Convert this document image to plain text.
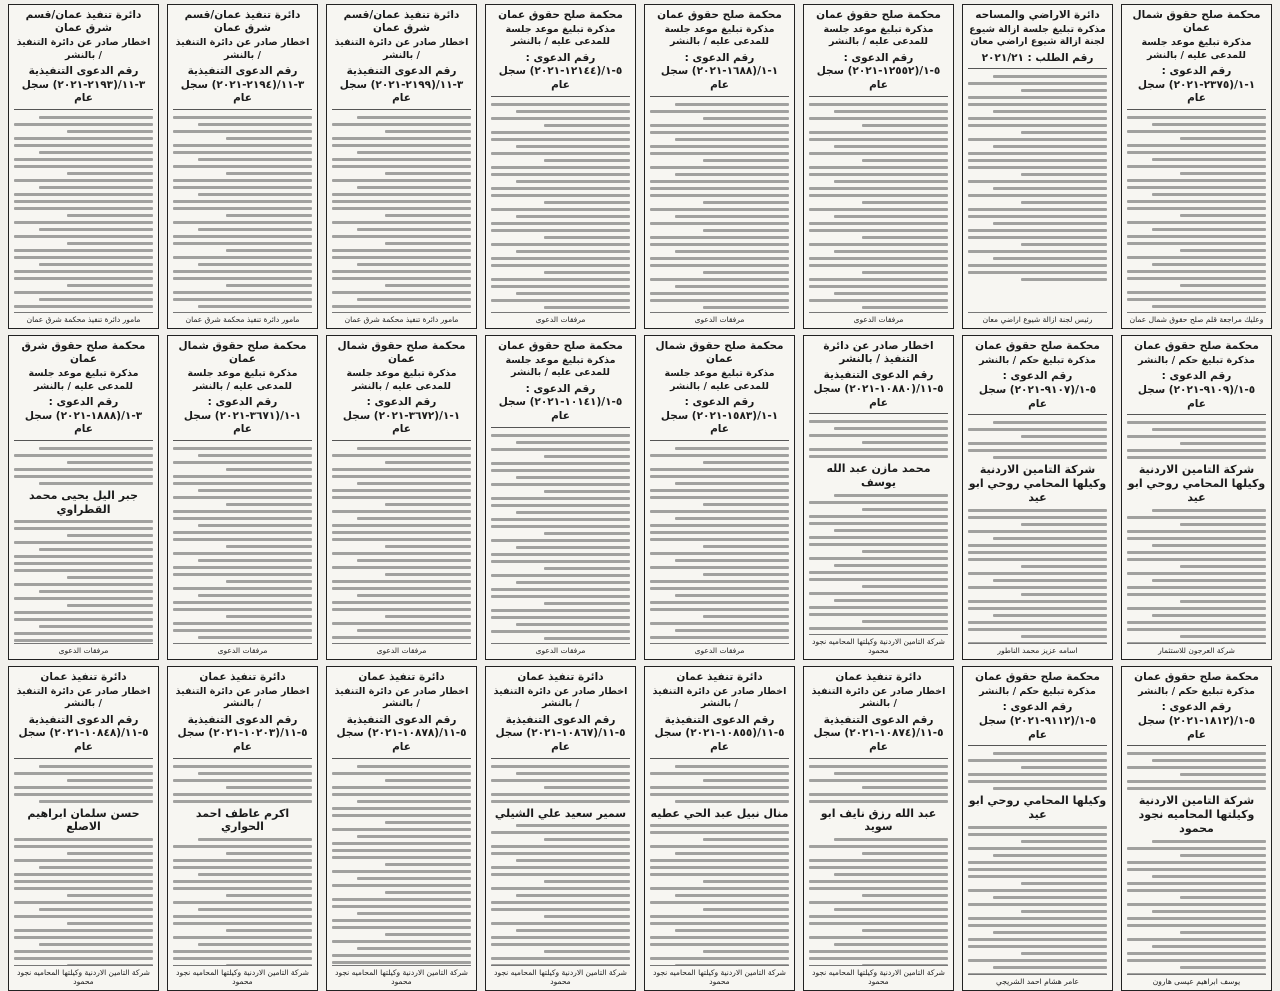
محكمة صلح حقوق شمال عمان
مذكرة تبليغ موعد جلسة للمدعى عليه / بالنشر
رقم الدعوى : ١-١/(٢٣٧٥-٢٠٢١) سجل عام
وعليك مراجعة قلم صلح حقوق شمال عمان
دائرة الاراضي والمساحه
مذكرة تبليغ جلسة ازالة شيوع لجنة ازالة شيوع اراضي معان
رقم الطلب : ٢٠٢١/٢١
رئيس لجنة ازالة شيوع اراضي معان
محكمة صلح حقوق عمان
مذكرة تبليغ موعد جلسة للمدعى عليه / بالنشر
رقم الدعوى : ٥-١/(١٢٥٥٢-٢٠٢١) سجل عام
مرفقات الدعوى
محكمة صلح حقوق عمان
مذكرة تبليغ موعد جلسة للمدعى عليه / بالنشر
رقم الدعوى : ١-١/(١٦٨٨-٢٠٢١) سجل عام
مرفقات الدعوى
محكمة صلح حقوق عمان
مذكرة تبليغ موعد جلسة للمدعى عليه / بالنشر
رقم الدعوى : ٥-١/(١٢١٤٤-٢٠٢١) سجل عام
مرفقات الدعوى
دائرة تنفيذ عمان/قسم شرق عمان
اخطار صادر عن دائرة التنفيذ / بالنشر
رقم الدعوى التنفيذية ٣-١١/(٢١٩٩-٢٠٢١) سجل عام
مامور دائرة تنفيذ محكمة شرق عمان
دائرة تنفيذ عمان/قسم شرق عمان
اخطار صادر عن دائرة التنفيذ / بالنشر
رقم الدعوى التنفيذية ٣-١١/(٢١٩٤-٢٠٢١) سجل عام
مامور دائرة تنفيذ محكمة شرق عمان
دائرة تنفيذ عمان/قسم شرق عمان
اخطار صادر عن دائرة التنفيذ / بالنشر
رقم الدعوى التنفيذية ٣-١١/(٢١٩٣-٢٠٢١) سجل عام
مامور دائرة تنفيذ محكمة شرق عمان
محكمة صلح حقوق عمان
مذكرة تبليغ حكم / بالنشر
رقم الدعوى : ٥-١/(٩١٠٩-٢٠٢١) سجل عام
شركة التامين الاردنية وكيلها المحامي روحي ابو عيد
شركة العرجون للاستثمار
محكمة صلح حقوق عمان
مذكرة تبليغ حكم / بالنشر
رقم الدعوى : ٥-١/(٩١٠٧-٢٠٢١) سجل عام
شركة التامين الاردنية وكيلها المحامي روحي ابو عيد
اسامه عزيز محمد الناطور
اخطار صادر عن دائرة التنفيذ / بالنشر
رقم الدعوى التنفيذية ٥-١١/(١٠٨٨٠-٢٠٢١) سجل عام
محمد مازن عبد الله يوسف
شركة التامين الاردنية وكيلتها المحاميه نجود محمود
محكمة صلح حقوق شمال عمان
مذكرة تبليغ موعد جلسة للمدعى عليه / بالنشر
رقم الدعوى : ١-١/(١٥٨٣-٢٠٢١) سجل عام
مرفقات الدعوى
محكمة صلح حقوق عمان
مذكرة تبليغ موعد جلسة للمدعى عليه / بالنشر
رقم الدعوى : ٥-١/(١٠١٤١-٢٠٢١) سجل عام
مرفقات الدعوى
محكمة صلح حقوق شمال عمان
مذكرة تبليغ موعد جلسة للمدعى عليه / بالنشر
رقم الدعوى : ١-١/(٣٦٧٢-٢٠٢١) سجل عام
مرفقات الدعوى
محكمة صلح حقوق شمال عمان
مذكرة تبليغ موعد جلسة للمدعى عليه / بالنشر
رقم الدعوى : ١-١/(٣٦٧١-٢٠٢١) سجل عام
مرفقات الدعوى
محكمة صلح حقوق شرق عمان
مذكرة تبليغ موعد جلسة للمدعى عليه / بالنشر
رقم الدعوى : ٣-١/(١٨٨٨-٢٠٢١) سجل عام
جبر اليل يحيى محمد القطراوي
مرفقات الدعوى
محكمة صلح حقوق عمان
مذكرة تبليغ حكم / بالنشر
رقم الدعوى : ٥-١/(١٨١٢-٢٠٢١) سجل عام
شركة التامين الاردنية وكيلتها المحاميه نجود محمود
يوسف ابراهيم عيسى هارون
محكمة صلح حقوق عمان
مذكرة تبليغ حكم / بالنشر
رقم الدعوى : ٥-١/(٩١١٢-٢٠٢١) سجل عام
وكيلها المحامي روحي ابو عيد
عامر هشام احمد الشريجي
دائرة تنفيذ عمان
اخطار صادر عن دائرة التنفيذ / بالنشر
رقم الدعوى التنفيذية ٥-١١/(١٠٨٧٤-٢٠٢١) سجل عام
عبد الله رزق نايف ابو سويد
شركة التامين الاردنية وكيلتها المحاميه نجود محمود
دائرة تنفيذ عمان
اخطار صادر عن دائرة التنفيذ / بالنشر
رقم الدعوى التنفيذية ٥-١١/(١٠٨٥٥-٢٠٢١) سجل عام
منال نبيل عبد الحي عطيه
شركة التامين الاردنية وكيلتها المحاميه نجود محمود
دائرة تنفيذ عمان
اخطار صادر عن دائرة التنفيذ / بالنشر
رقم الدعوى التنفيذية ٥-١١/(١٠٨٦٧-٢٠٢١) سجل عام
سمير سعيد علي الشيلي
شركة التامين الاردنية وكيلتها المحاميه نجود محمود
دائرة تنفيذ عمان
اخطار صادر عن دائرة التنفيذ / بالنشر
رقم الدعوى التنفيذية ٥-١١/(١٠٨٧٨-٢٠٢١) سجل عام
شركة التامين الاردنية وكيلتها المحاميه نجود محمود
دائرة تنفيذ عمان
اخطار صادر عن دائرة التنفيذ / بالنشر
رقم الدعوى التنفيذية ٥-١١/(١٠٢٠٣-٢٠٢١) سجل عام
اكرم عاطف احمد الحواري
شركة التامين الاردنية وكيلتها المحاميه نجود محمود
دائرة تنفيذ عمان
اخطار صادر عن دائرة التنفيذ / بالنشر
رقم الدعوى التنفيذية ٥-١١/(١٠٨٤٨-٢٠٢١) سجل عام
حسن سلمان ابراهيم الاصلع
شركة التامين الاردنية وكيلتها المحاميه نجود محمود
